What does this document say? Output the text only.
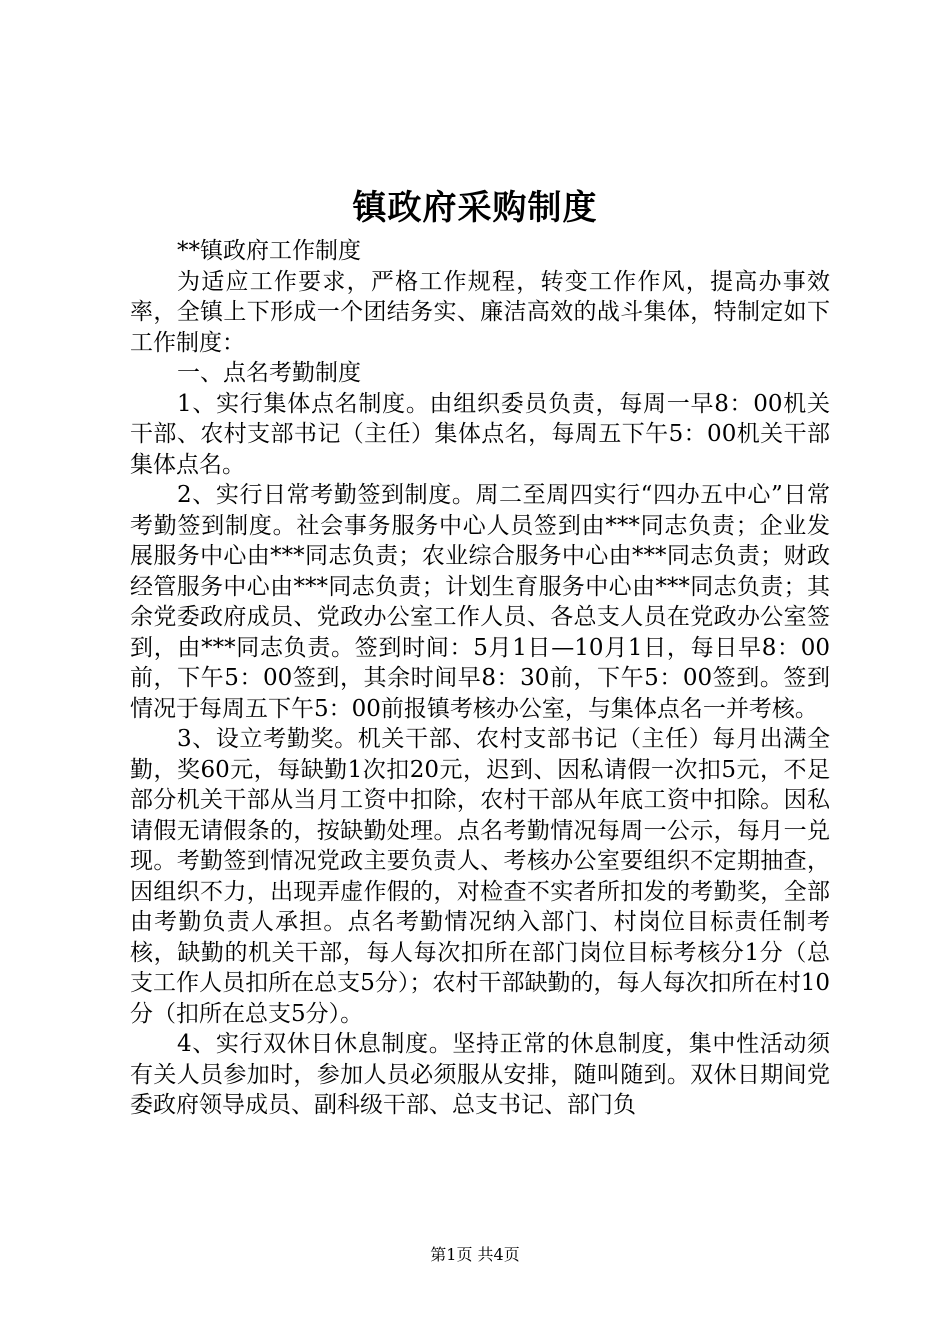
镇政府采购制度

**镇政府工作制度

为适应工作要求，严格工作规程，转变工作作风，提高办事效率，全镇上下形成一个团结务实、廉洁高效的战斗集体，特制定如下工作制度：

一、点名考勤制度

1、实行集体点名制度。由组织委员负责，每周一早8：00机关干部、农村支部书记（主任）集体点名，每周五下午5：00机关干部集体点名。

2、实行日常考勤签到制度。周二至周四实行“四办五中心”日常考勤签到制度。社会事务服务中心人员签到由***同志负责；企业发展服务中心由***同志负责；农业综合服务中心由***同志负责；财政经管服务中心由***同志负责；计划生育服务中心由***同志负责；其余党委政府成员、党政办公室工作人员、各总支人员在党政办公室签到，由***同志负责。签到时间：5月1日—10月1日，每日早8：00前，下午5：00签到，其余时间早8：30前，下午5：00签到。签到情况于每周五下午5：00前报镇考核办公室，与集体点名一并考核。

3、设立考勤奖。机关干部、农村支部书记（主任）每月出满全勤，奖60元，每缺勤1次扣20元，迟到、因私请假一次扣5元，不足部分机关干部从当月工资中扣除，农村干部从年底工资中扣除。因私请假无请假条的，按缺勤处理。点名考勤情况每周一公示，每月一兑现。考勤签到情况党政主要负责人、考核办公室要组织不定期抽查，因组织不力，出现弄虚作假的，对检查不实者所扣发的考勤奖，全部由考勤负责人承担。点名考勤情况纳入部门、村岗位目标责任制考核，缺勤的机关干部，每人每次扣所在部门岗位目标考核分1分（总支工作人员扣所在总支5分）；农村干部缺勤的，每人每次扣所在村10分（扣所在总支5分）。

4、实行双休日休息制度。坚持正常的休息制度，集中性活动须有关人员参加时，参加人员必须服从安排，随叫随到。双休日期间党委政府领导成员、副科级干部、总支书记、部门负

第1页 共4页
